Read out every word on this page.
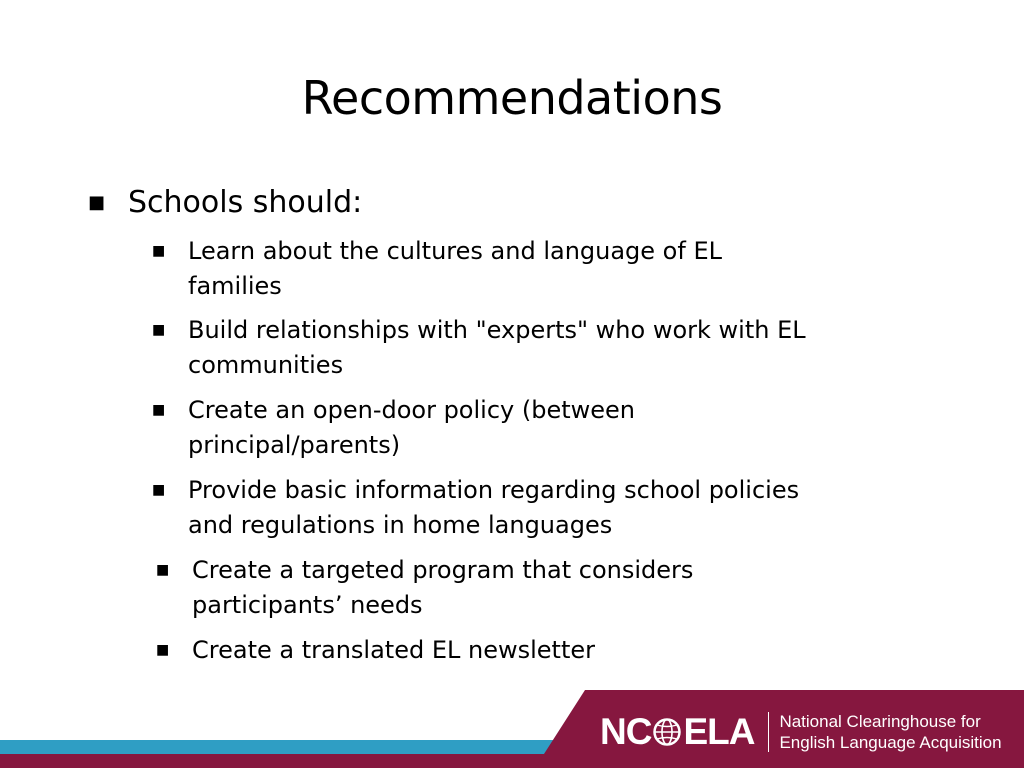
Recommendations
■ Schools should:
■ Learn about the cultures and language of EL
families
■ Build relationships with "experts" who work with EL
communities
■ Create an open-door policy (between
principal/parents)
■ Provide basic information regarding school policies
and regulations in home languages
■ Create a targeted program that considers
participants’ needs
■ Create a translated EL newsletter
NC ELA National Clearinghouse for
English Language Acquisition
